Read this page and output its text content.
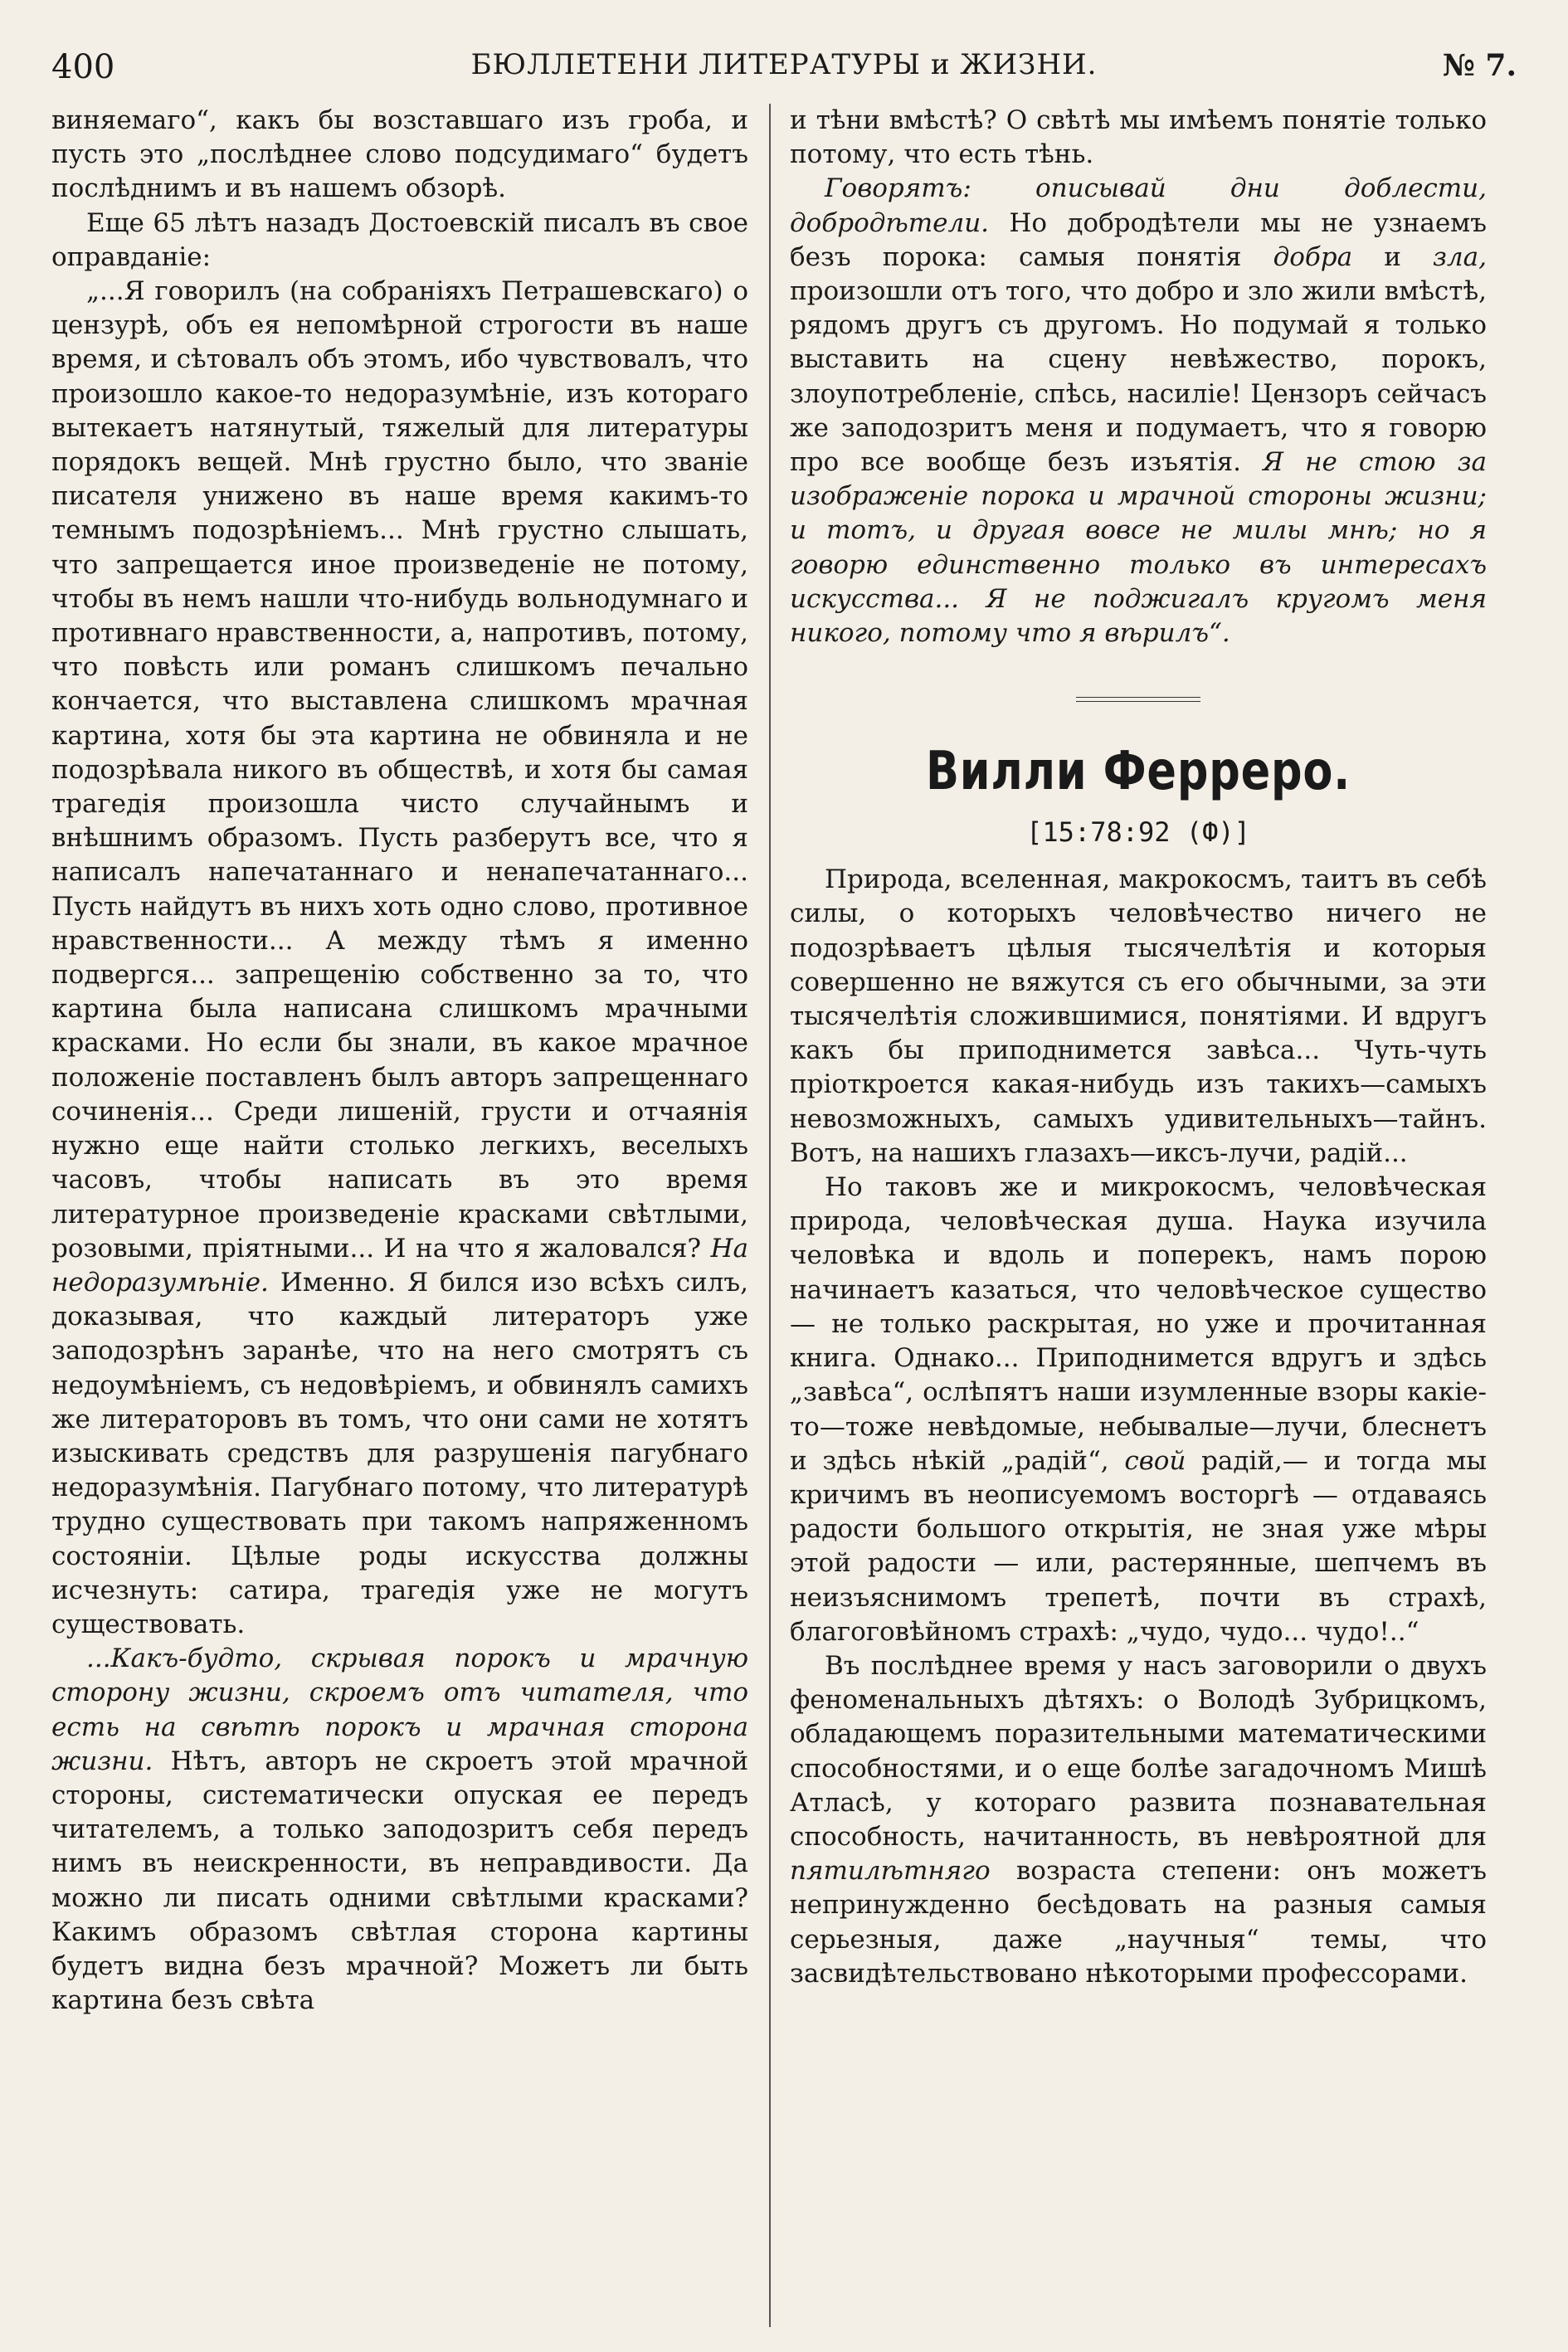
400	БЮЛЛЕТЕНИ ЛИТЕРАТУРЫ и ЖИЗНИ.	№ 7.

виняемаго“, какъ бы возставшаго изъ гроба, и пусть это „послѣднее слово подсудимаго“ будетъ послѣднимъ и въ нашемъ обзорѣ.

Еще 65 лѣтъ назадъ Достоевскій писалъ въ свое оправданіе:

„...Я говорилъ (на собраніяхъ Петрашевскаго) о цензурѣ, объ ея непомѣрной строгости въ наше время, и сѣтовалъ объ этомъ, ибо чувствовалъ, что произошло какое-то недоразумѣніе, изъ котораго вытекаетъ натянутый, тяжелый для литературы порядокъ вещей. Мнѣ грустно было, что званіе писателя унижено въ наше время какимъ-то темнымъ подозрѣніемъ... Мнѣ грустно слышать, что запрещается иное произведеніе не потому, чтобы въ немъ нашли что-нибудь вольнодумнаго и противнаго нравственности, а, напротивъ, потому, что повѣсть или романъ слишкомъ печально кончается, что выставлена слишкомъ мрачная картина, хотя бы эта картина не обвиняла и не подозрѣвала никого въ обществѣ, и хотя бы самая трагедія произошла чисто случайнымъ и внѣшнимъ образомъ. Пусть разберутъ все, что я написалъ напечатаннаго и ненапечатаннаго... Пусть найдутъ въ нихъ хоть одно слово, противное нравственности... А между тѣмъ я именно подвергся... запрещенію собственно за то, что картина была написана слишкомъ мрачными красками. Но если бы знали, въ какое мрачное положеніе поставленъ былъ авторъ запрещеннаго сочиненія... Среди лишеній, грусти и отчаянія нужно еще найти столько легкихъ, веселыхъ часовъ, чтобы написать въ это время литературное произведеніе красками свѣтлыми, розовыми, пріятными... И на что я жаловался? На недоразумѣніе. Именно. Я бился изо всѣхъ силъ, доказывая, что каждый литераторъ уже заподозрѣнъ заранѣе, что на него смотрятъ съ недоумѣніемъ, съ недовѣріемъ, и обвинялъ самихъ же литераторовъ въ томъ, что они сами не хотятъ изыскивать средствъ для разрушенія пагубнаго недоразумѣнія. Пагубнаго потому, что литературѣ трудно существовать при такомъ напряженномъ состояніи. Цѣлые роды искусства должны исчезнуть: сатира, трагедія уже не могутъ существовать.

...Какъ-будто, скрывая порокъ и мрачную сторону жизни, скроемъ отъ читателя, что есть на свѣтѣ порокъ и мрачная сторона жизни. Нѣтъ, авторъ не скроетъ этой мрачной стороны, систематически опуская ее передъ читателемъ, а только заподозритъ себя передъ нимъ въ неискренности, въ неправдивости. Да можно ли писать одними свѣтлыми красками? Какимъ образомъ свѣтлая сторона картины будетъ видна безъ мрачной? Можетъ ли быть картина безъ свѣта

и тѣни вмѣстѣ? О свѣтѣ мы имѣемъ понятіе только потому, что есть тѣнь.

Говорятъ: описывай дни доблести, добродѣтели. Но добродѣтели мы не узнаемъ безъ порока: самыя понятія добра и зла, произошли отъ того, что добро и зло жили вмѣстѣ, рядомъ другъ съ другомъ. Но подумай я только выставить на сцену невѣжество, порокъ, злоупотребленіе, спѣсь, насиліе! Цензоръ сейчасъ же заподозритъ меня и подумаетъ, что я говорю про все вообще безъ изъятія. Я не стою за изображеніе порока и мрачной стороны жизни; и тотъ, и другая вовсе не милы мнѣ; но я говорю единственно только въ интересахъ искусства... Я не поджигалъ кругомъ меня никого, потому что я вѣрилъ“.

Вилли Ферреро.
[15:78:92 (Ф)]

Природа, вселенная, макрокосмъ, таитъ въ себѣ силы, о которыхъ человѣчество ничего не подозрѣваетъ цѣлыя тысячелѣтія и которыя совершенно не вяжутся съ его обычными, за эти тысячелѣтія сложившимися, понятіями. И вдругъ какъ бы приподнимется завѣса... Чуть-чуть пріоткроется какая-нибудь изъ такихъ—самыхъ невозможныхъ, самыхъ удивительныхъ—тайнъ. Вотъ, на нашихъ глазахъ—иксъ-лучи, радій...

Но таковъ же и микрокосмъ, человѣческая природа, человѣческая душа. Наука изучила человѣка и вдоль и поперекъ, намъ порою начинаетъ казаться, что человѣческое существо — не только раскрытая, но уже и прочитанная книга. Однако... Приподнимется вдругъ и здѣсь „завѣса“, ослѣпятъ наши изумленные взоры какіе-то—тоже невѣдомые, небывалые—лучи, блеснетъ и здѣсь нѣкій „радій“, свой радій,— и тогда мы кричимъ въ неописуемомъ восторгѣ — отдаваясь радости большого открытія, не зная уже мѣры этой радости — или, растерянные, шепчемъ въ неизъяснимомъ трепетѣ, почти въ страхѣ, благоговѣйномъ страхѣ: „чудо, чудо... чудо!..“

Въ послѣднее время у насъ заговорили о двухъ феноменальныхъ дѣтяхъ: о Володѣ Зубрицкомъ, обладающемъ поразительными математическими способностями, и о еще болѣе загадочномъ Мишѣ Атласѣ, у котораго развита познавательная способность, начитанность, въ невѣроятной для пятилѣтняго возраста степени: онъ можетъ непринужденно бесѣдовать на разныя самыя серьезныя, даже „научныя“ темы, что засвидѣтельствовано нѣкоторыми профессорами.
